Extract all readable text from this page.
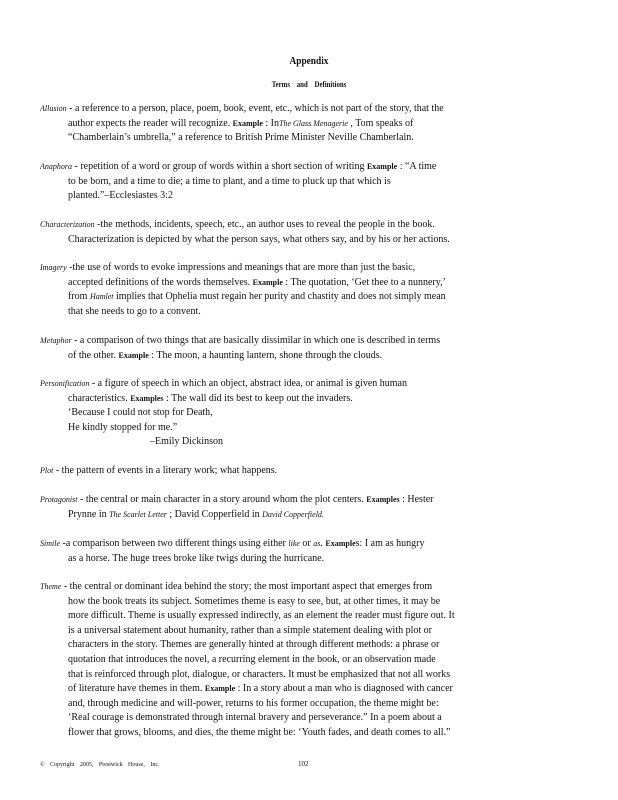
Appendix
Terms and Definitions
Allusion - a reference to a person, place, poem, book, event, etc., which is not part of the story, that the
author expects the reader will recognize. Example : InThe Glass Menagerie , Tom speaks of
“Chamberlain’s umbrella,” a reference to British Prime Minister Neville Chamberlain.
Anaphora - repetition of a word or group of words within a short section of writing Example : “A time
to be born, and a time to die; a time to plant, and a time to pluck up that which is
planted.”–Ecclesiastes 3:2
Characterization -the methods, incidents, speech, etc., an author uses to reveal the people in the book.
Characterization is depicted by what the person says, what others say, and by his or her actions.
Imagery -the use of words to evoke impressions and meanings that are more than just the basic,
accepted definitions of the words themselves. Example : The quotation, ‘Get thee to a nunnery,’
from Hamlet implies that Ophelia must regain her purity and chastity and does not simply mean
that she needs to go to a convent.
Metaphor - a comparison of two things that are basically dissimilar in which one is described in terms
of the other. Example : The moon, a haunting lantern, shone through the clouds.
Personification - a figure of speech in which an object, abstract idea, or animal is given human
characteristics. Examples : The wall did its best to keep out the invaders.
‘Because I could not stop for Death,
He kindly stopped for me.”
–Emily Dickinson
Plot - the pattern of events in a literary work; what happens.
Protagonist - the central or main character in a story around whom the plot centers. Examples : Hester
Prynne in The Scarlet Letter ; David Copperfield in David Copperfield.
Simile -a comparison between two different things using either like or as. Examples: I am as hungry
as a horse. The huge trees broke like twigs during the hurricane.
Theme - the central or dominant idea behind the story; the most important aspect that emerges from
how the book treats its subject. Sometimes theme is easy to see, but, at other times, it may be
more difficult. Theme is usually expressed indirectly, as an element the reader must figure out. It
is a universal statement about humanity, rather than a simple statement dealing with plot or
characters in the story. Themes are generally hinted at through different methods: a phrase or
quotation that introduces the novel, a recurring element in the book, or an observation made
that is reinforced through plot, dialogue, or characters. It must be emphasized that not all works
of literature have themes in them. Example : In a story about a man who is diagnosed with cancer
and, through medicine and will-power, returns to his former occupation, the theme might be:
‘Real courage is demonstrated through internal bravery and perseverance.” In a poem about a
flower that grows, blooms, and dies, the theme might be: ‘Youth fades, and death comes to all.”
© Copyright 2005, Prestwick House, Inc.	102
